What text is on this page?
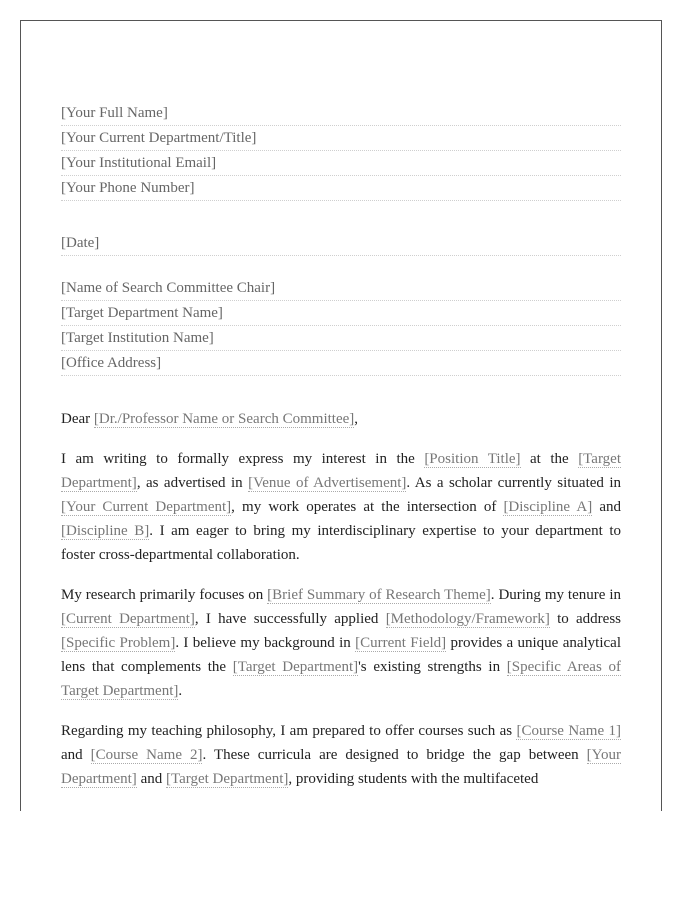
[Your Full Name]
[Your Current Department/Title]
[Your Institutional Email]
[Your Phone Number]
[Date]
[Name of Search Committee Chair]
[Target Department Name]
[Target Institution Name]
[Office Address]
Dear [Dr./Professor Name or Search Committee],

I am writing to formally express my interest in the [Position Title] at the [Target Department], as advertised in [Venue of Advertisement]. As a scholar currently situated in [Your Current Department], my work operates at the intersection of [Discipline A] and [Discipline B]. I am eager to bring my interdisciplinary expertise to your department to foster cross-departmental collaboration.

My research primarily focuses on [Brief Summary of Research Theme]. During my tenure in [Current Department], I have successfully applied [Methodology/Framework] to address [Specific Problem]. I believe my background in [Current Field] provides a unique analytical lens that complements the [Target Department]'s existing strengths in [Specific Areas of Target Department].

Regarding my teaching philosophy, I am prepared to offer courses such as [Course Name 1] and [Course Name 2]. These curricula are designed to bridge the gap between [Your Department] and [Target Department], providing students with the multifaceted
